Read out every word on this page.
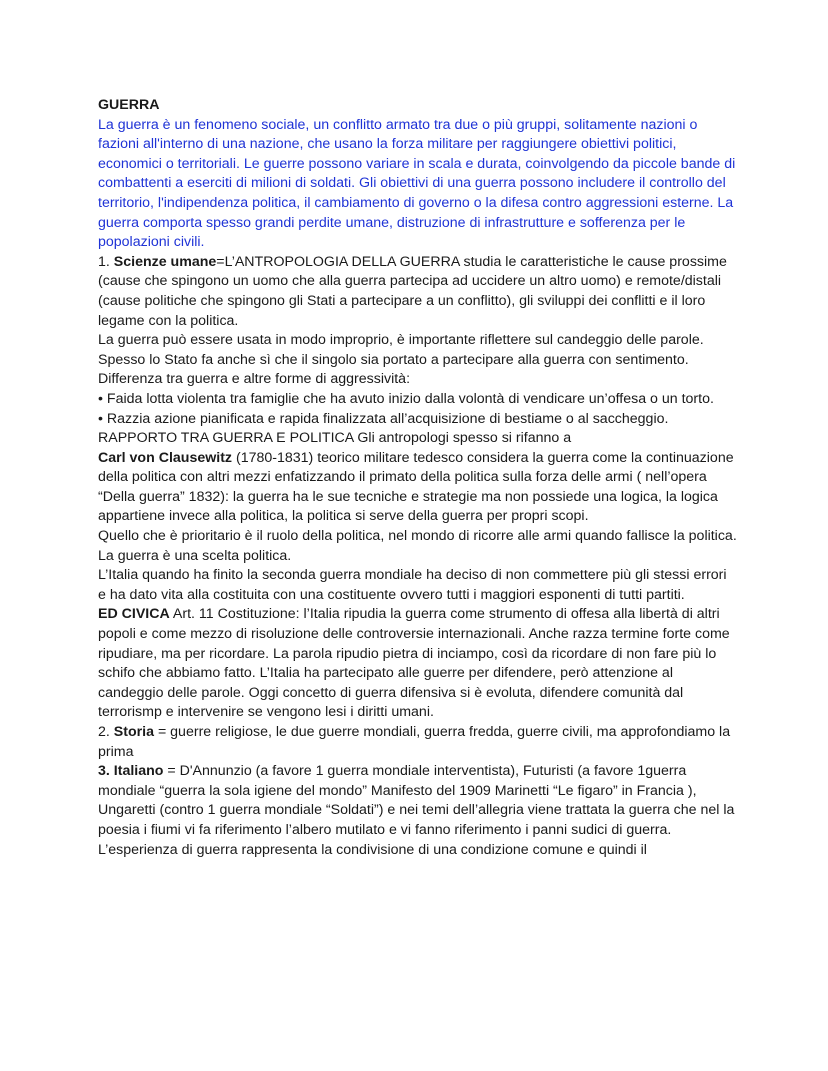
GUERRA

La guerra è un fenomeno sociale, un conflitto armato tra due o più gruppi, solitamente nazioni o fazioni all'interno di una nazione, che usano la forza militare per raggiungere obiettivi politici, economici o territoriali. Le guerre possono variare in scala e durata, coinvolgendo da piccole bande di combattenti a eserciti di milioni di soldati. Gli obiettivi di una guerra possono includere il controllo del territorio, l'indipendenza politica, il cambiamento di governo o la difesa contro aggressioni esterne. La guerra comporta spesso grandi perdite umane, distruzione di infrastrutture e sofferenza per le popolazioni civili.

1. Scienze umane=L’ANTROPOLOGIA DELLA GUERRA studia le caratteristiche le cause prossime (cause che spingono un uomo che alla guerra partecipa ad uccidere un altro uomo) e remote/distali (cause politiche che spingono gli Stati a partecipare a un conflitto), gli sviluppi dei conflitti e il loro legame con la politica.

La guerra può essere usata in modo improprio, è importante riflettere sul candeggio delle parole. Spesso lo Stato fa anche sì che il singolo sia portato a partecipare alla guerra con sentimento.

Differenza tra guerra e altre forme di aggressività:

• Faida lotta violenta tra famiglie che ha avuto inizio dalla volontà di vendicare un’offesa o un torto.

• Razzia azione pianificata e rapida finalizzata all’acquisizione di bestiame o al saccheggio.

RAPPORTO TRA GUERRA E POLITICA Gli antropologi spesso si rifanno a

Carl von Clausewitz (1780-1831) teorico militare tedesco considera la guerra come la continuazione della politica con altri mezzi enfatizzando il primato della politica sulla forza delle armi ( nell’opera “Della guerra” 1832): la guerra ha le sue tecniche e strategie ma non possiede una logica, la logica appartiene invece alla politica, la politica si serve della guerra per propri scopi.

Quello che è prioritario è il ruolo della politica, nel mondo di ricorre alle armi quando fallisce la politica. La guerra è una scelta politica.

L’Italia quando ha finito la seconda guerra mondiale ha deciso di non commettere più gli stessi errori e ha dato vita alla costituita con una costituente ovvero tutti i maggiori esponenti di tutti partiti.

ED CIVICA Art. 11 Costituzione: l’Italia ripudia la guerra come strumento di offesa alla libertà di altri popoli e come mezzo di risoluzione delle controversie internazionali. Anche razza termine forte come ripudiare, ma per ricordare. La parola ripudio pietra di inciampo, così da ricordare di non fare più lo schifo che abbiamo fatto. L’Italia ha partecipato alle guerre per difendere, però attenzione al candeggio delle parole. Oggi concetto di guerra difensiva si è evoluta, difendere comunità dal terrorismp e intervenire se vengono lesi i diritti umani.

2. Storia = guerre religiose, le due guerre mondiali, guerra fredda, guerre civili, ma approfondiamo la prima

3. Italiano = D'Annunzio (a favore 1 guerra mondiale interventista), Futuristi (a favore 1guerra mondiale “guerra la sola igiene del mondo” Manifesto del 1909 Marinetti “Le figaro” in Francia ), Ungaretti (contro 1 guerra mondiale “Soldati”) e nei temi dell’allegria viene trattata la guerra che nel la poesia i fiumi vi fa riferimento l’albero mutilato e vi fanno riferimento i panni sudici di guerra. L’esperienza di guerra rappresenta la condivisione di una condizione comune e quindi il
